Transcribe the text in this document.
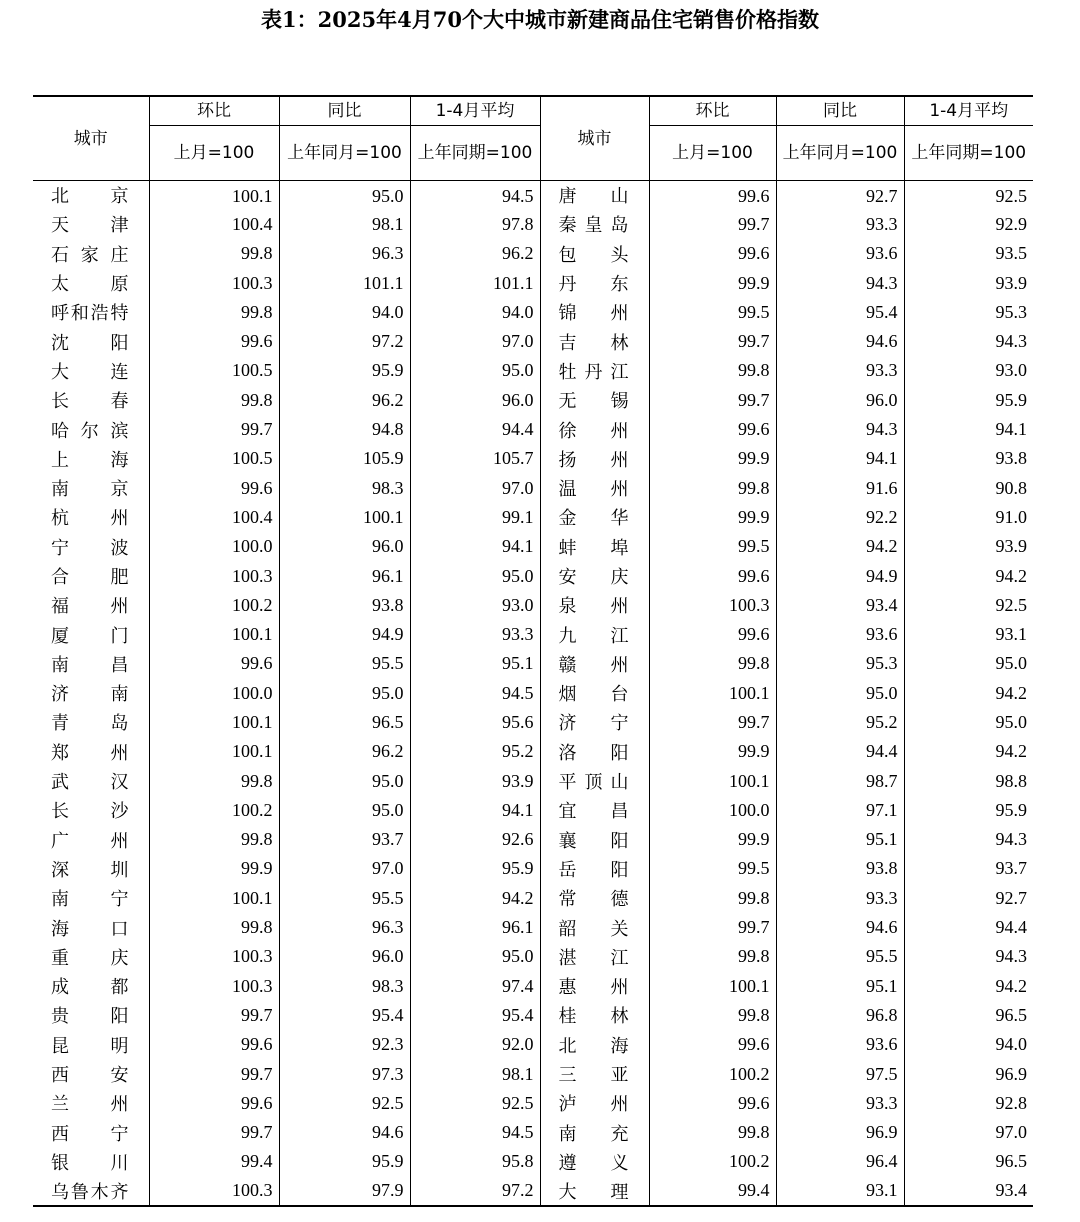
表1：2025年4月70个大中城市新建商品住宅销售价格指数
城市	环比	同比	1-4月平均	城市	环比	同比	1-4月平均
	上月=100	上年同月=100	上年同期=100		上月=100	上年同月=100	上年同期=100
北京	100.1	95.0	94.5	唐山	99.6	92.7	92.5
天津	100.4	98.1	97.8	秦皇岛	99.7	93.3	92.9
石家庄	99.8	96.3	96.2	包头	99.6	93.6	93.5
太原	100.3	101.1	101.1	丹东	99.9	94.3	93.9
呼和浩特	99.8	94.0	94.0	锦州	99.5	95.4	95.3
沈阳	99.6	97.2	97.0	吉林	99.7	94.6	94.3
大连	100.5	95.9	95.0	牡丹江	99.8	93.3	93.0
长春	99.8	96.2	96.0	无锡	99.7	96.0	95.9
哈尔滨	99.7	94.8	94.4	徐州	99.6	94.3	94.1
上海	100.5	105.9	105.7	扬州	99.9	94.1	93.8
南京	99.6	98.3	97.0	温州	99.8	91.6	90.8
杭州	100.4	100.1	99.1	金华	99.9	92.2	91.0
宁波	100.0	96.0	94.1	蚌埠	99.5	94.2	93.9
合肥	100.3	96.1	95.0	安庆	99.6	94.9	94.2
福州	100.2	93.8	93.0	泉州	100.3	93.4	92.5
厦门	100.1	94.9	93.3	九江	99.6	93.6	93.1
南昌	99.6	95.5	95.1	赣州	99.8	95.3	95.0
济南	100.0	95.0	94.5	烟台	100.1	95.0	94.2
青岛	100.1	96.5	95.6	济宁	99.7	95.2	95.0
郑州	100.1	96.2	95.2	洛阳	99.9	94.4	94.2
武汉	99.8	95.0	93.9	平顶山	100.1	98.7	98.8
长沙	100.2	95.0	94.1	宜昌	100.0	97.1	95.9
广州	99.8	93.7	92.6	襄阳	99.9	95.1	94.3
深圳	99.9	97.0	95.9	岳阳	99.5	93.8	93.7
南宁	100.1	95.5	94.2	常德	99.8	93.3	92.7
海口	99.8	96.3	96.1	韶关	99.7	94.6	94.4
重庆	100.3	96.0	95.0	湛江	99.8	95.5	94.3
成都	100.3	98.3	97.4	惠州	100.1	95.1	94.2
贵阳	99.7	95.4	95.4	桂林	99.8	96.8	96.5
昆明	99.6	92.3	92.0	北海	99.6	93.6	94.0
西安	99.7	97.3	98.1	三亚	100.2	97.5	96.9
兰州	99.6	92.5	92.5	泸州	99.6	93.3	92.8
西宁	99.7	94.6	94.5	南充	99.8	96.9	97.0
银川	99.4	95.9	95.8	遵义	100.2	96.4	96.5
乌鲁木齐	100.3	97.9	97.2	大理	99.4	93.1	93.4
